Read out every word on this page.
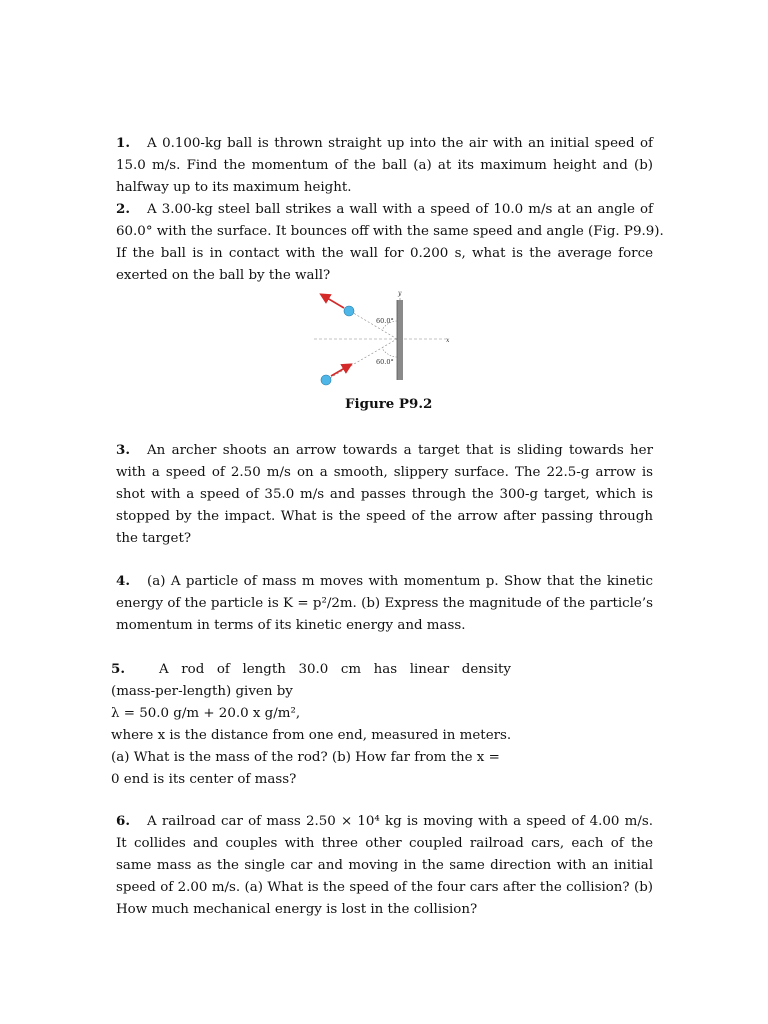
1. A 0.100-kg ball is thrown straight up into the air with an initial speed of
15.0 m/s. Find the momentum of the ball (a) at its maximum height and (b)
halfway up to its maximum height.
2. A 3.00-kg steel ball strikes a wall with a speed of 10.0 m/s at an angle of
60.0° with the surface. It bounces off with the same speed and angle (Fig. P9.9).
If the ball is in contact with the wall for 0.200 s, what is the average force
exerted on the ball by the wall?
y
x
60.0°
60.0°
Figure P9.2
3. An archer shoots an arrow towards a target that is sliding towards her
with a speed of 2.50 m/s on a smooth, slippery surface. The 22.5-g arrow is
shot with a speed of 35.0 m/s and passes through the 300-g target, which is
stopped by the impact. What is the speed of the arrow after passing through
the target?
4. (a) A particle of mass m moves with momentum p. Show that the kinetic
energy of the particle is K = p²/2m. (b) Express the magnitude of the particle’s
momentum in terms of its kinetic energy and mass.
5.	A rod of length 30.0 cm has linear density
(mass-per-length) given by
λ = 50.0 g/m + 20.0 x g/m²,
where x is the distance from one end, measured in meters.
(a) What is the mass of the rod? (b) How far from the x =
0 end is its center of mass?
6. A railroad car of mass 2.50 × 10⁴ kg is moving with a speed of 4.00 m/s.
It collides and couples with three other coupled railroad cars, each of the
same mass as the single car and moving in the same direction with an initial
speed of 2.00 m/s. (a) What is the speed of the four cars after the collision? (b)
How much mechanical energy is lost in the collision?
